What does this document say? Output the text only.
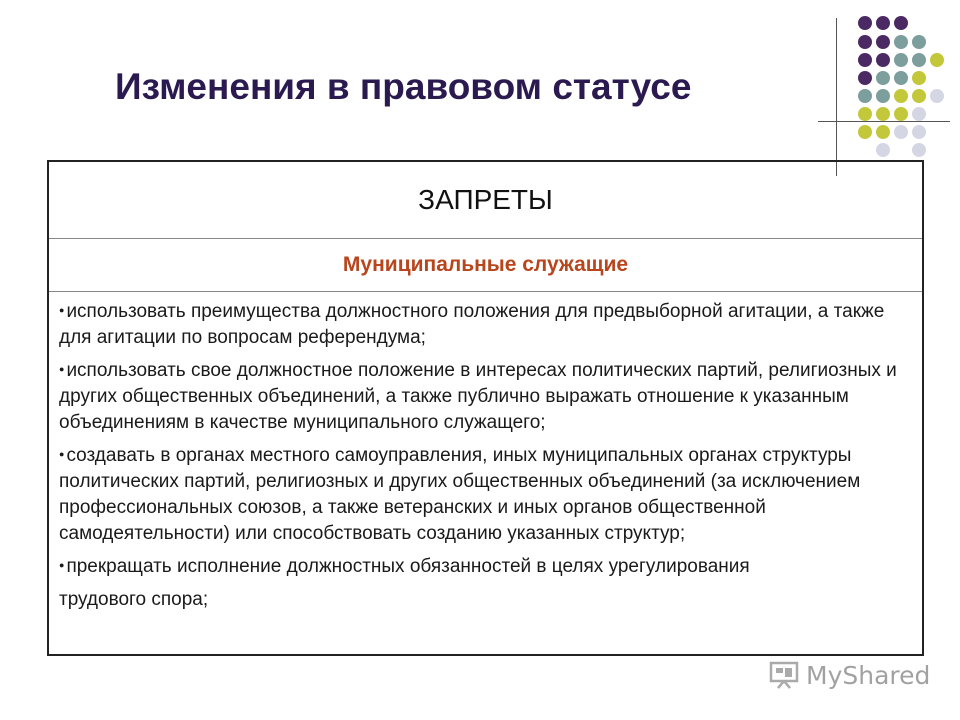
Изменения в правовом статусе
ЗАПРЕТЫ
Муниципальные служащие
● использовать преимущества должностного положения для предвыборной агитации, а также для агитации по вопросам референдума;
● использовать свое должностное положение в интересах политических партий, религиозных и других общественных объединений, а также публично выражать отношение к указанным объединениям в качестве муниципального служащего;
● создавать в органах местного самоуправления, иных муниципальных органах структуры политических партий, религиозных и других общественных объединений (за исключением профессиональных союзов, а также ветеранских и иных органов общественной самодеятельности) или способствовать созданию указанных структур;
● прекращать исполнение должностных обязанностей в целях урегулирования
трудового спора;
MyShared
